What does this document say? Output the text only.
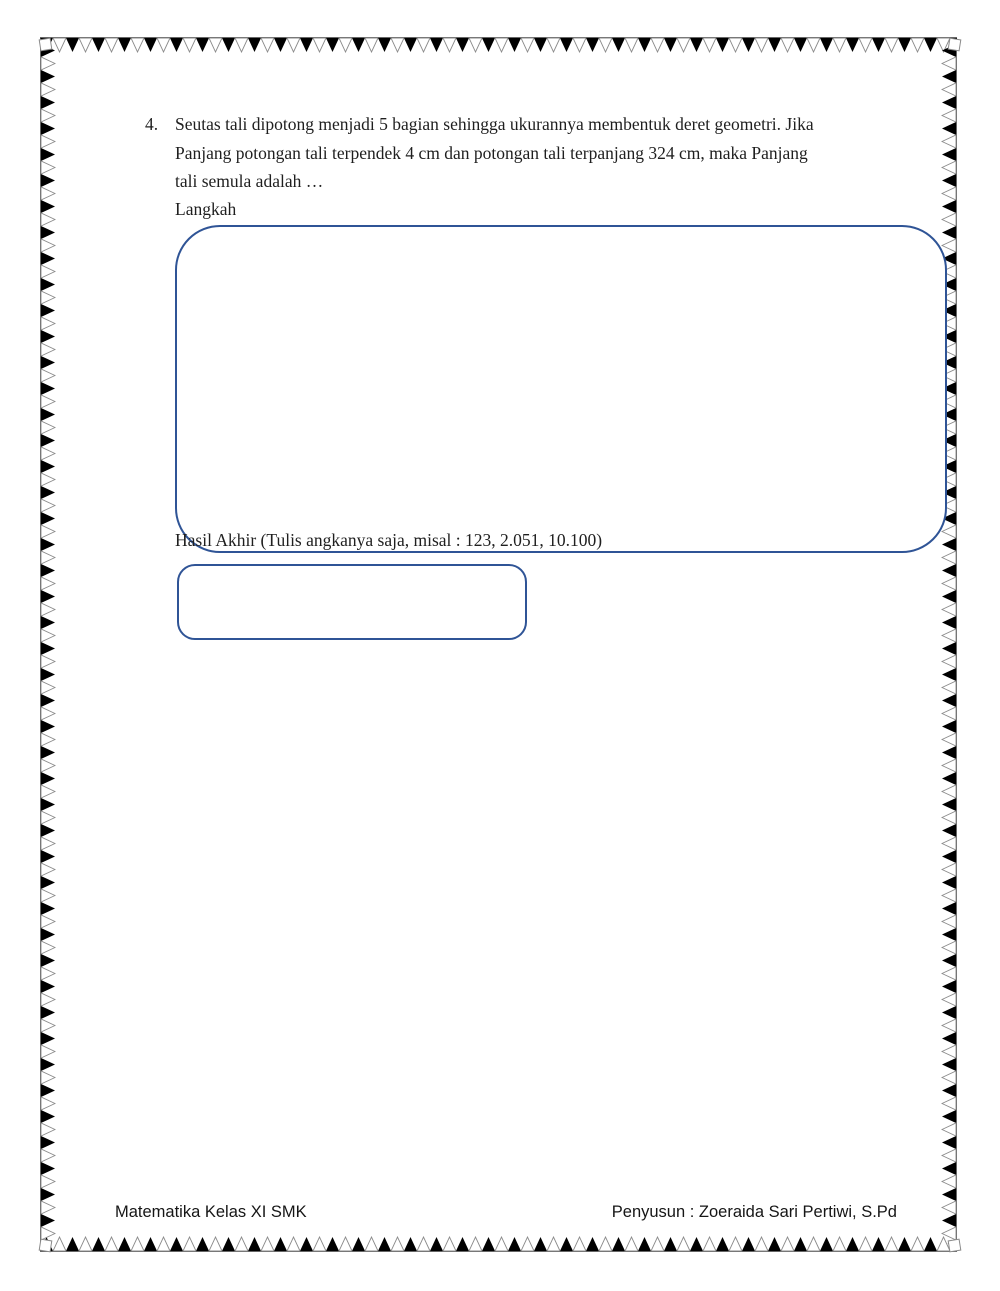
4. Seutas tali dipotong menjadi 5 bagian sehingga ukurannya membentuk deret geometri. Jika
Panjang potongan tali terpendek 4 cm dan potongan tali terpanjang 324 cm, maka Panjang
tali semula adalah …
Langkah
Hasil Akhir (Tulis angkanya saja, misal : 123, 2.051, 10.100)
Matematika Kelas XI SMK	Penyusun : Zoeraida Sari Pertiwi, S.Pd
